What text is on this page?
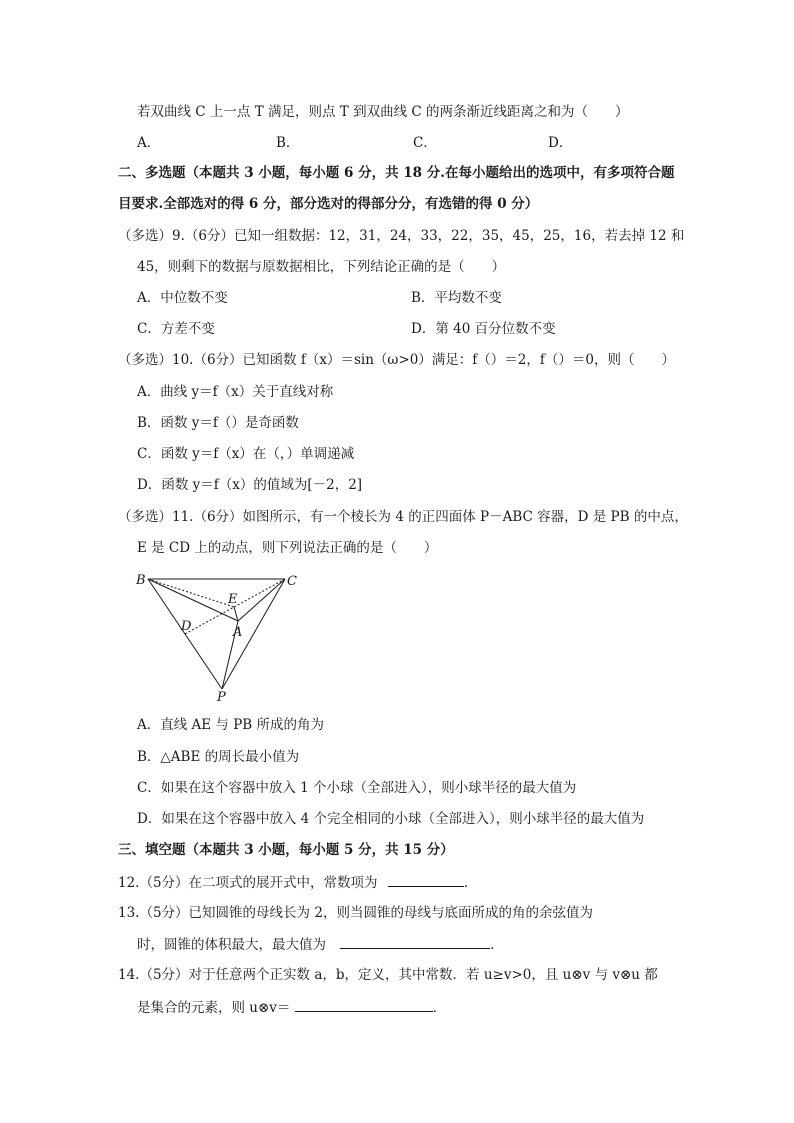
若双曲线 C 上一点 T 满足，则点 T 到双曲线 C 的两条渐近线距离之和为（　　）
A．	B．	C．	D．
二、多选题（本题共 3 小题，每小题 6 分，共 18 分.在每小题给出的选项中，有多项符合题
目要求.全部选对的得 6 分，部分选对的得部分分，有选错的得 0 分）
（多选）9.（6分）已知一组数据：12，31，24，33，22，35，45，25，16，若去掉 12 和
45，则剩下的数据与原数据相比，下列结论正确的是（　　）
A．中位数不变	B．平均数不变
C．方差不变	D．第 40 百分位数不变
（多选）10.（6分）已知函数 f（x）＝sin（ω>0）满足：f（）＝2，f（）＝0，则（　　）
A．曲线 y＝f（x）关于直线对称
B．函数 y＝f（）是奇函数
C．函数 y＝f（x）在（，）单调递减
D．函数 y＝f（x）的值域为[－2，2]
（多选）11.（6分）如图所示，有一个棱长为 4 的正四面体 P－ABC 容器，D 是 PB 的中点，
E 是 CD 上的动点，则下列说法正确的是（　　）
B	C
E
D	A
P
A．直线 AE 与 PB 所成的角为
B．△ABE 的周长最小值为
C．如果在这个容器中放入 1 个小球（全部进入），则小球半径的最大值为
D．如果在这个容器中放入 4 个完全相同的小球（全部进入），则小球半径的最大值为
三、填空题（本题共 3 小题，每小题 5 分，共 15 分）
12.（5分）在二项式的展开式中，常数项为	．
13.（5分）已知圆锥的母线长为 2，则当圆锥的母线与底面所成的角的余弦值为
时，圆锥的体积最大，最大值为	．
14.（5分）对于任意两个正实数 a，b，定义，其中常数．若 u≥v>0，且 u⊗v 与 v⊗u 都
是集合的元素，则 u⊗v＝	．
